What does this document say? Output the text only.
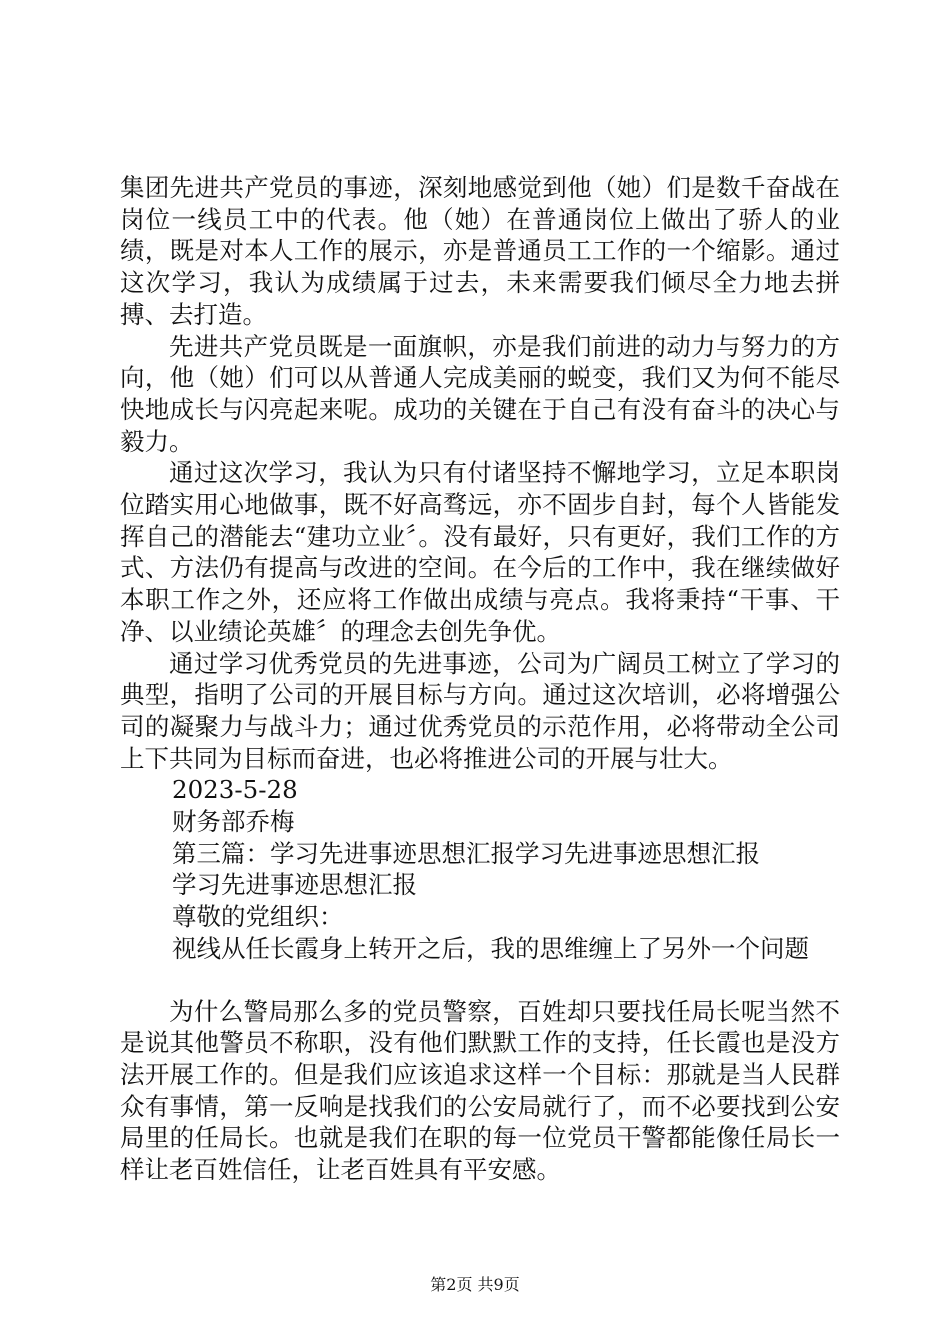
集团先进共产党员的事迹，深刻地感觉到他（她）们是数千奋战在岗位一线员工中的代表。他（她）在普通岗位上做出了骄人的业绩，既是对本人工作的展示，亦是普通员工工作的一个缩影。通过这次学习，我认为成绩属于过去，未来需要我们倾尽全力地去拼搏、去打造。

先进共产党员既是一面旗帜，亦是我们前进的动力与努力的方向，他（她）们可以从普通人完成美丽的蜕变，我们又为何不能尽快地成长与闪亮起来呢。成功的关键在于自己有没有奋斗的决心与毅力。

通过这次学习，我认为只有付诸坚持不懈地学习，立足本职岗位踏实用心地做事，既不好高骛远，亦不固步自封，每个人皆能发挥自己的潜能去“建功立业〞。没有最好，只有更好，我们工作的方式、方法仍有提高与改进的空间。在今后的工作中，我在继续做好本职工作之外，还应将工作做出成绩与亮点。我将秉持“干事、干净、以业绩论英雄〞的理念去创先争优。

通过学习优秀党员的先进事迹，公司为广阔员工树立了学习的典型，指明了公司的开展目标与方向。通过这次培训，必将增强公司的凝聚力与战斗力；通过优秀党员的示范作用，必将带动全公司上下共同为目标而奋进，也必将推进公司的开展与壮大。

2023-5-28

财务部乔梅

第三篇：学习先进事迹思想汇报学习先进事迹思想汇报

学习先进事迹思想汇报

尊敬的党组织：

视线从任长霞身上转开之后，我的思维缠上了另外一个问题

为什么警局那么多的党员警察，百姓却只要找任局长呢当然不是说其他警员不称职，没有他们默默工作的支持，任长霞也是没方法开展工作的。但是我们应该追求这样一个目标：那就是当人民群众有事情，第一反响是找我们的公安局就行了，而不必要找到公安局里的任局长。也就是我们在职的每一位党员干警都能像任局长一样让老百姓信任，让老百姓具有平安感。

第2页 共9页
